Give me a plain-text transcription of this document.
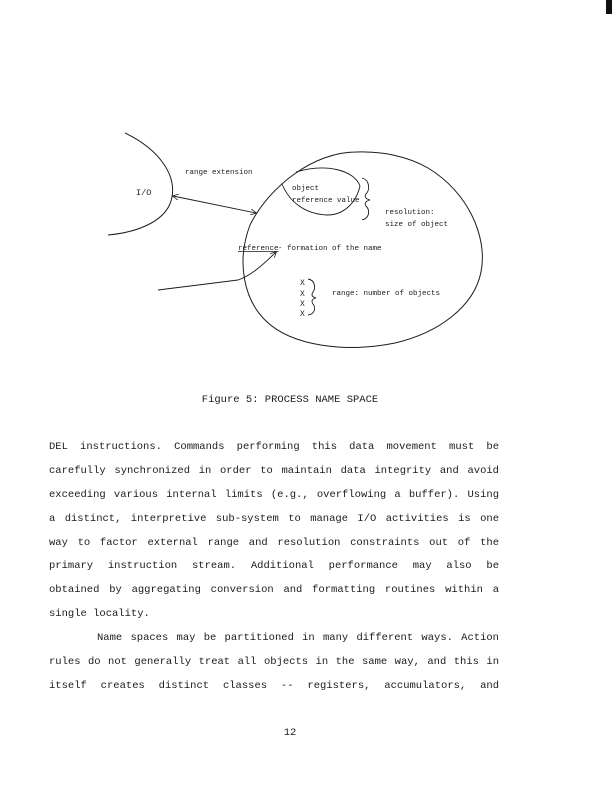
I/O
range extension
object
reference value
resolution:
size of object
reference - formation of the name
X
X
X
X
range: number of objects
Figure 5: PROCESS NAME SPACE
DEL instructions. Commands performing this data movement must be
carefully synchronized in order to maintain data integrity and avoid
exceeding various internal limits (e.g., overflowing a buffer). Using
a distinct, interpretive sub-system to manage I/O activities is one
way to factor external range and resolution constraints out of the
primary instruction stream. Additional performance may also be
obtained by aggregating conversion and formatting routines within a
single locality.
Name spaces may be partitioned in many different ways. Action
rules do not generally treat all objects in the same way, and this in
itself creates distinct classes -- registers, accumulators, and
12
